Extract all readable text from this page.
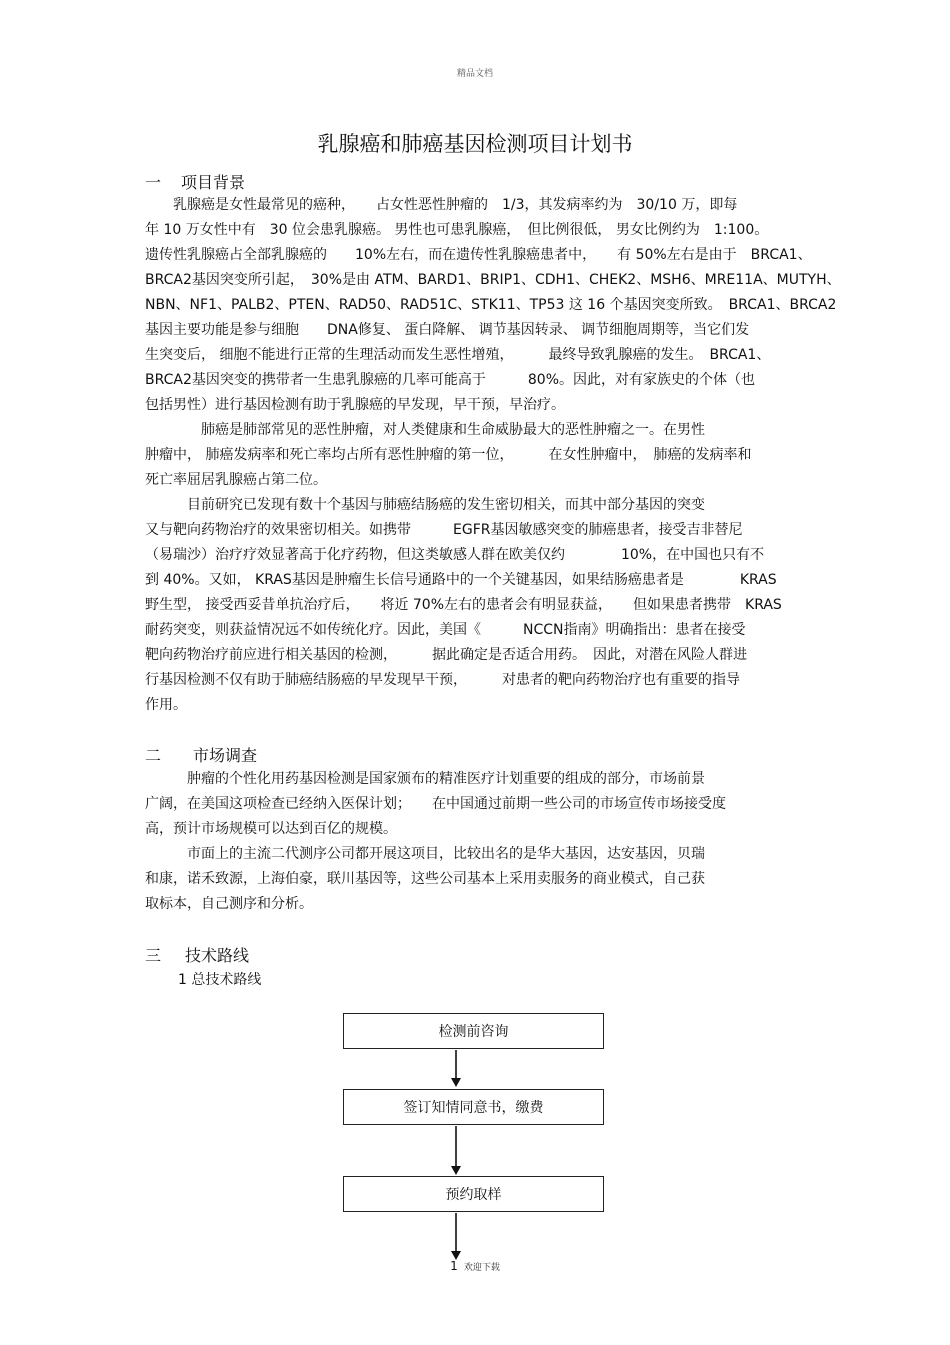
精品文档
乳腺癌和肺癌基因检测项目计划书
一 项目背景
　　乳腺癌是女性最常见的癌种，　　占女性恶性肿瘤的　1/3，其发病率约为　30/10 万，即每
年 10 万女性中有　30 位会患乳腺癌。 男性也可患乳腺癌，　但比例很低， 男女比例约为　1:100。
遗传性乳腺癌占全部乳腺癌的　　10%左右，而在遗传性乳腺癌患者中，　　有 50%左右是由于　BRCA1、
BRCA2基因突变所引起，　30%是由 ATM、BARD1、BRIP1、CDH1、CHEK2、MSH6、MRE11A、MUTYH、
NBN、NF1、PALB2、PTEN、RAD50、RAD51C、STK11、TP53 这 16 个基因突变所致。　BRCA1、BRCA2
基因主要功能是参与细胞　　DNA修复、 蛋白降解、 调节基因转录、 调节细胞周期等，当它们发
生突变后， 细胞不能进行正常的生理活动而发生恶性增殖，　　　最终导致乳腺癌的发生。　BRCA1、
BRCA2基因突变的携带者一生患乳腺癌的几率可能高于　　　80%。因此，对有家族史的个体（也
包括男性）进行基因检测有助于乳腺癌的早发现，早干预，早治疗。
　　　　肺癌是肺部常见的恶性肿瘤，对人类健康和生命威胁最大的恶性肿瘤之一。在男性
肿瘤中， 肺癌发病率和死亡率均占所有恶性肿瘤的第一位，　　　在女性肿瘤中，　肺癌的发病率和
死亡率屈居乳腺癌占第二位。
　　　目前研究已发现有数十个基因与肺癌结肠癌的发生密切相关，而其中部分基因的突变
又与靶向药物治疗的效果密切相关。如携带　　　EGFR基因敏感突变的肺癌患者，接受吉非替尼
（易瑞沙）治疗疗效显著高于化疗药物，但这类敏感人群在欧美仅约　　　　10%，在中国也只有不
到 40%。又如， KRAS基因是肿瘤生长信号通路中的一个关键基因，如果结肠癌患者是　　　　KRAS
野生型， 接受西妥昔单抗治疗后，　　将近 70%左右的患者会有明显获益，　　但如果患者携带　KRAS
耐药突变，则获益情况远不如传统化疗。因此，美国《　　　NCCN指南》明确指出：患者在接受
靶向药物治疗前应进行相关基因的检测，　　　据此确定是否适合用药。　因此，对潜在风险人群进
行基因检测不仅有助于肺癌结肠癌的早发现早干预，　　　对患者的靶向药物治疗也有重要的指导
作用。
二 市场调查
　　　肿瘤的个性化用药基因检测是国家颁布的精准医疗计划重要的组成的部分，市场前景
广阔，在美国这项检查已经纳入医保计划；　　在中国通过前期一些公司的市场宣传市场接受度
高，预计市场规模可以达到百亿的规模。
　　　市面上的主流二代测序公司都开展这项目，比较出名的是华大基因，达安基因，贝瑞
和康，诺禾致源，上海伯豪，联川基因等，这些公司基本上采用卖服务的商业模式，自己获
取标本，自己测序和分析。
三 技术路线
1 总技术路线
检测前咨询
签订知情同意书，缴费
预约取样
1 欢迎下载
